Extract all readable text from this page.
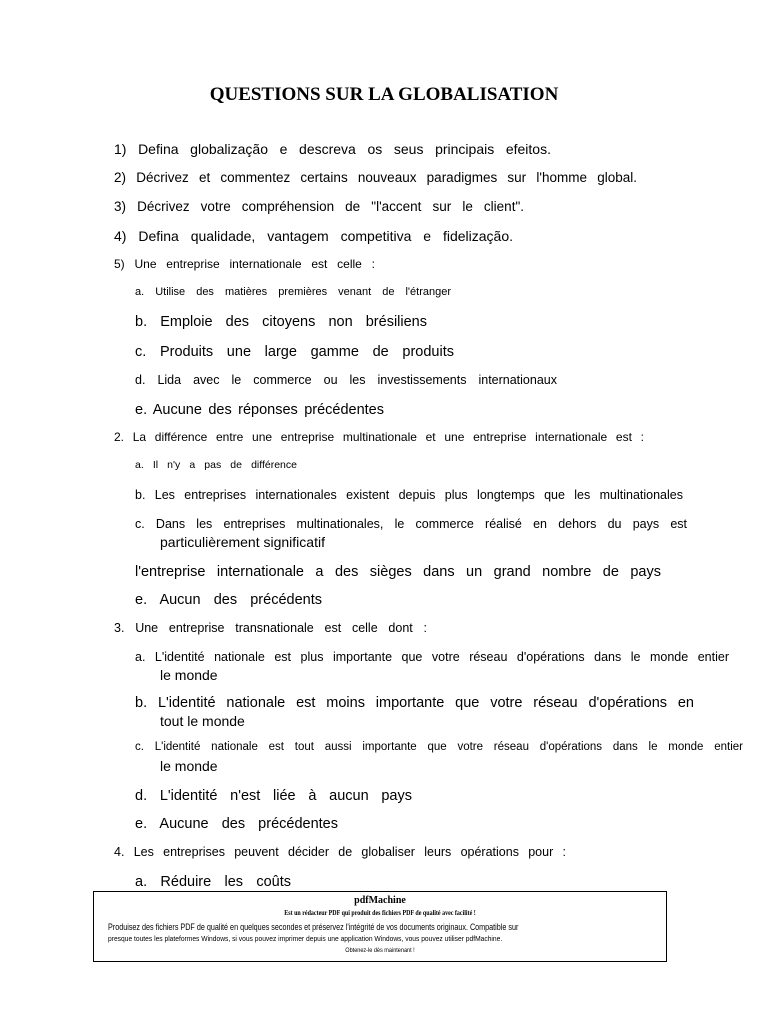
QUESTIONS SUR LA GLOBALISATION
1) Defina globalização e descreva os seus principais efeitos.
2) Décrivez et commentez certains nouveaux paradigmes sur l'homme global.
3) Décrivez votre compréhension de "l'accent sur le client".
4) Defina qualidade, vantagem competitiva e fidelização.
5) Une entreprise internationale est celle :
a. Utilise des matières premières venant de l'étranger
b. Emploie des citoyens non brésiliens
c. Produits une large gamme de produits
d. Lida avec le commerce ou les investissements internationaux
e. Aucune des réponses précédentes
2. La différence entre une entreprise multinationale et une entreprise internationale est :
a. Il n'y a pas de différence
b. Les entreprises internationales existent depuis plus longtemps que les multinationales
c. Dans les entreprises multinationales, le commerce réalisé en dehors du pays est
particulièrement significatif
l'entreprise internationale a des sièges dans un grand nombre de pays
e. Aucun des précédents
3. Une entreprise transnationale est celle dont :
a. L'identité nationale est plus importante que votre réseau d'opérations dans le monde entier
le monde
b. L'identité nationale est moins importante que votre réseau d'opérations en
tout le monde
c. L'identité nationale est tout aussi importante que votre réseau d'opérations dans le monde entier
le monde
d. L'identité n'est liée à aucun pays
e. Aucune des précédentes
4. Les entreprises peuvent décider de globaliser leurs opérations pour :
a. Réduire les coûts
pdfMachine
Est un rédacteur PDF qui produit des fichiers PDF de qualité avec facilité !
Produisez des fichiers PDF de qualité en quelques secondes et préservez l'intégrité de vos documents originaux. Compatible sur
presque toutes les plateformes Windows, si vous pouvez imprimer depuis une application Windows, vous pouvez utiliser pdfMachine.
Obtenez-le dès maintenant !
